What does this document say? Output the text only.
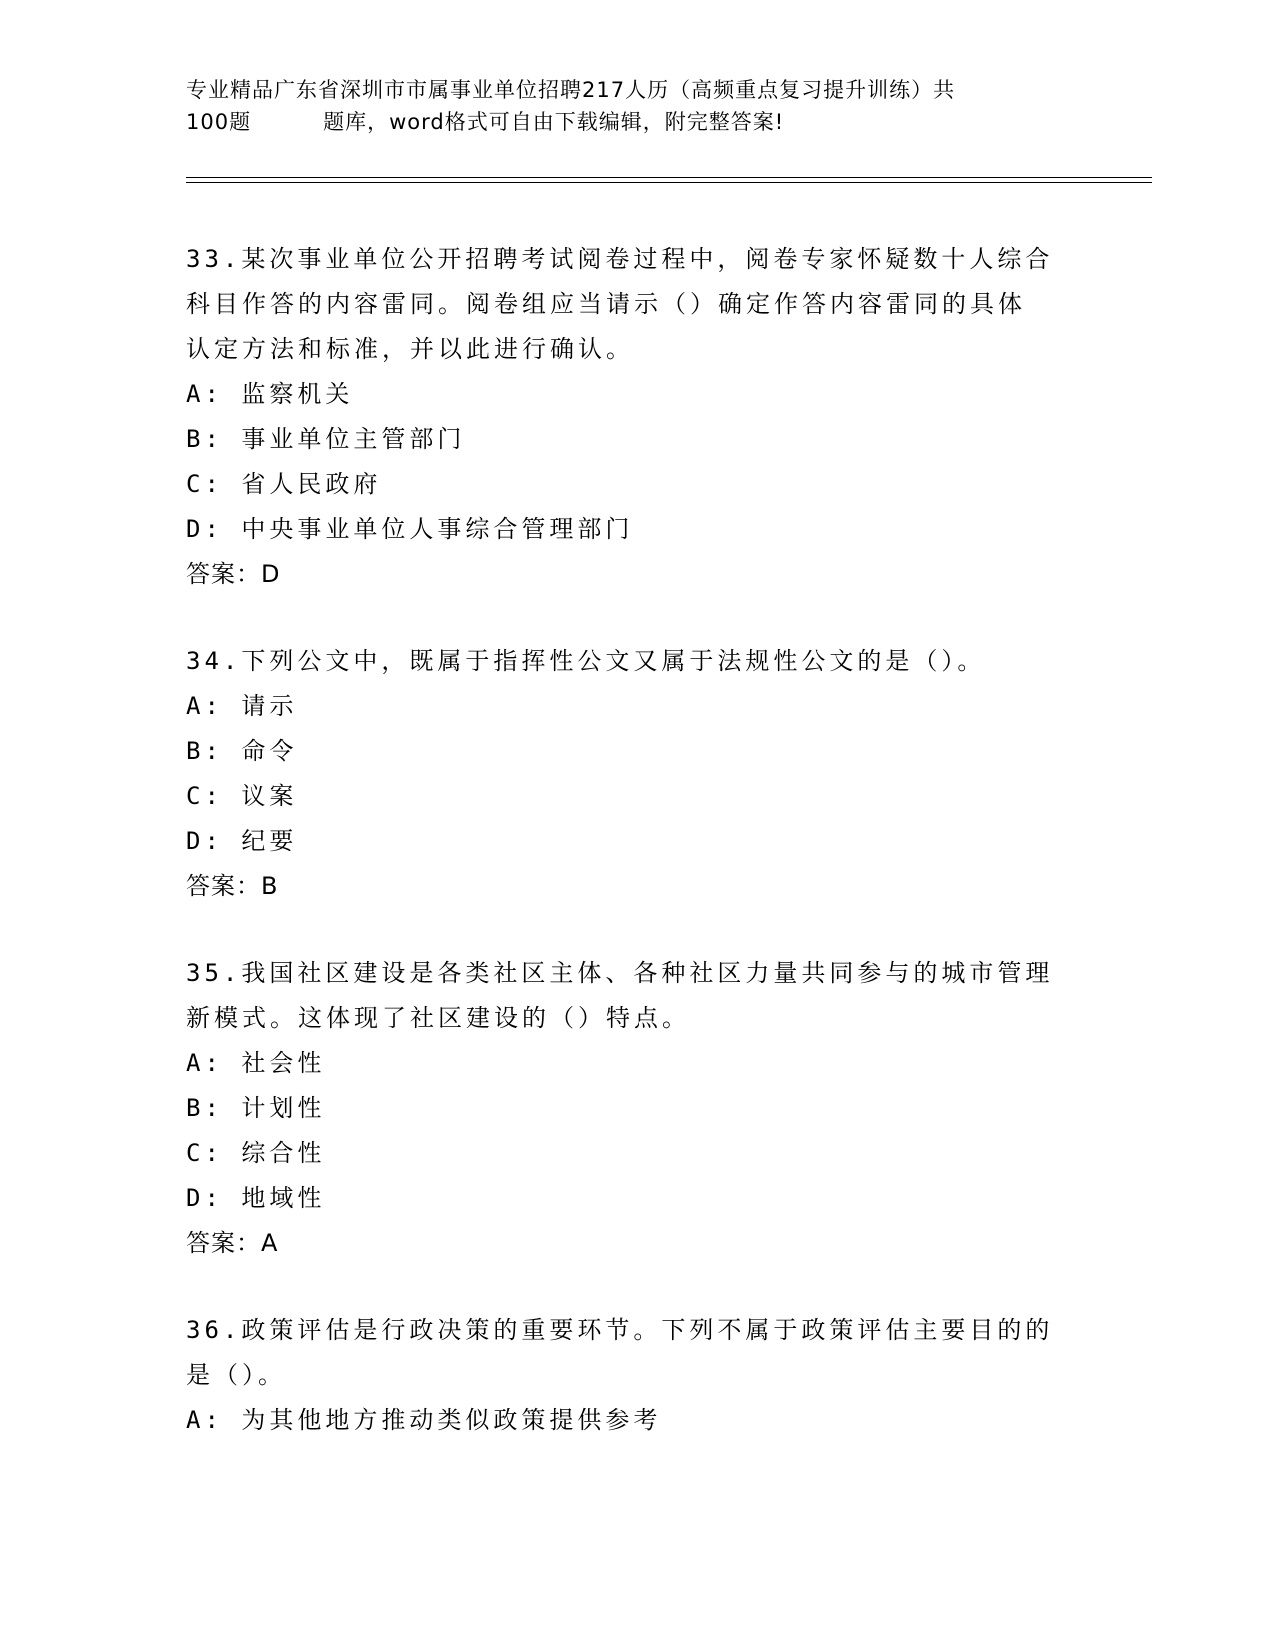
专业精品广东省深圳市市属事业单位招聘217人历（高频重点复习提升训练）共
100题	题库，word格式可自由下载编辑，附完整答案!
33.某次事业单位公开招聘考试阅卷过程中，阅卷专家怀疑数十人综合
科目作答的内容雷同。阅卷组应当请示（）确定作答内容雷同的具体
认定方法和标准，并以此进行确认。
A: 监察机关
B: 事业单位主管部门
C: 省人民政府
D: 中央事业单位人事综合管理部门
答案：D
34.下列公文中，既属于指挥性公文又属于法规性公文的是（）。
A: 请示
B: 命令
C: 议案
D: 纪要
答案：B
35.我国社区建设是各类社区主体、各种社区力量共同参与的城市管理
新模式。这体现了社区建设的（）特点。
A: 社会性
B: 计划性
C: 综合性
D: 地域性
答案：A
36.政策评估是行政决策的重要环节。下列不属于政策评估主要目的的
是（）。
A: 为其他地方推动类似政策提供参考
